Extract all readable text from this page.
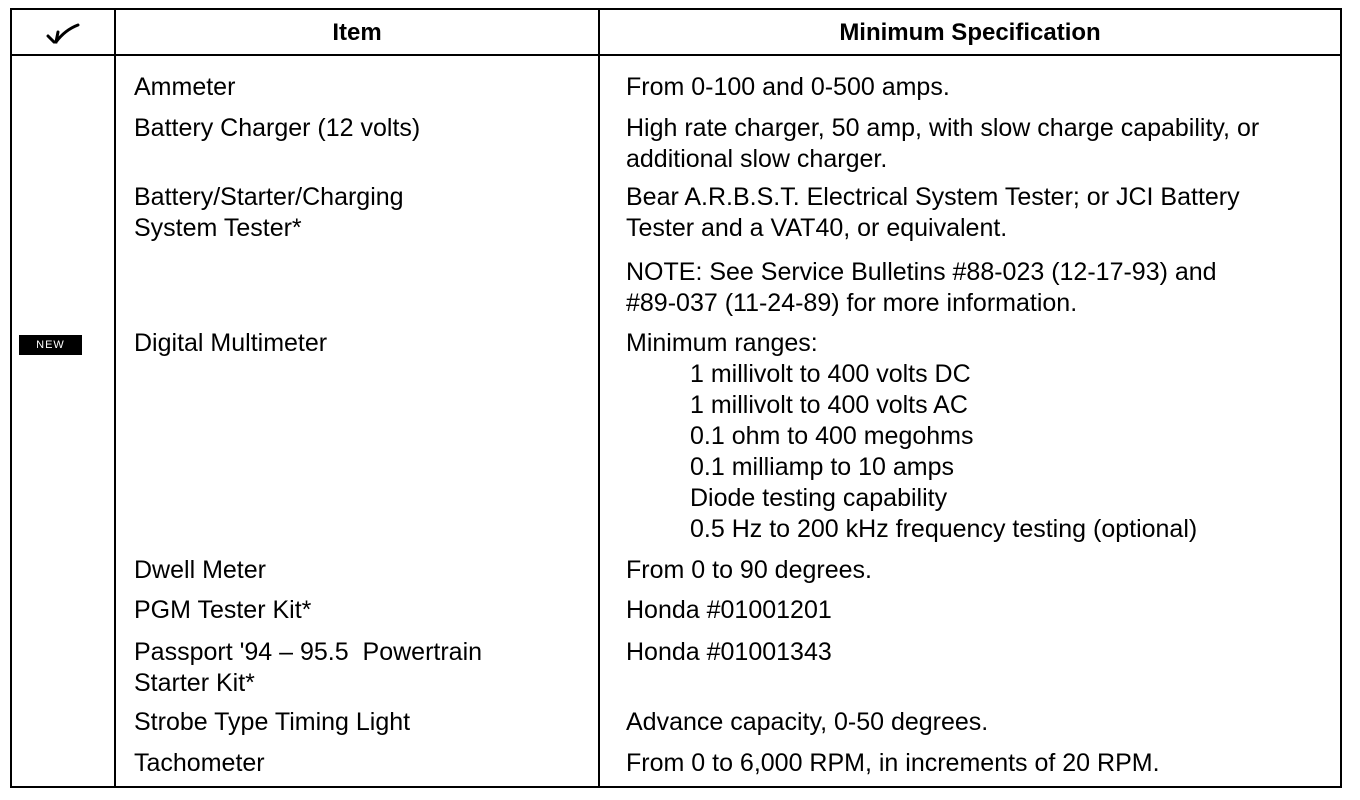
Item	Minimum Specification
NEW
Ammeter
Battery Charger (12 volts)
Battery/Starter/Charging
System Tester*
Digital Multimeter
Dwell Meter
PGM Tester Kit*
Passport '94 – 95.5  Powertrain
Starter Kit*
Strobe Type Timing Light
Tachometer
From 0-100 and 0-500 amps.
High rate charger, 50 amp, with slow charge capability, or
additional slow charger.
Bear A.R.B.S.T. Electrical System Tester; or JCI Battery
Tester and a VAT40, or equivalent.
NOTE: See Service Bulletins #88-023 (12-17-93) and
#89-037 (11-24-89) for more information.
Minimum ranges:
1 millivolt to 400 volts DC
1 millivolt to 400 volts AC
0.1 ohm to 400 megohms
0.1 milliamp to 10 amps
Diode testing capability
0.5 Hz to 200 kHz frequency testing (optional)
From 0 to 90 degrees.
Honda #01001201
Honda #01001343
Advance capacity, 0-50 degrees.
From 0 to 6,000 RPM, in increments of 20 RPM.
